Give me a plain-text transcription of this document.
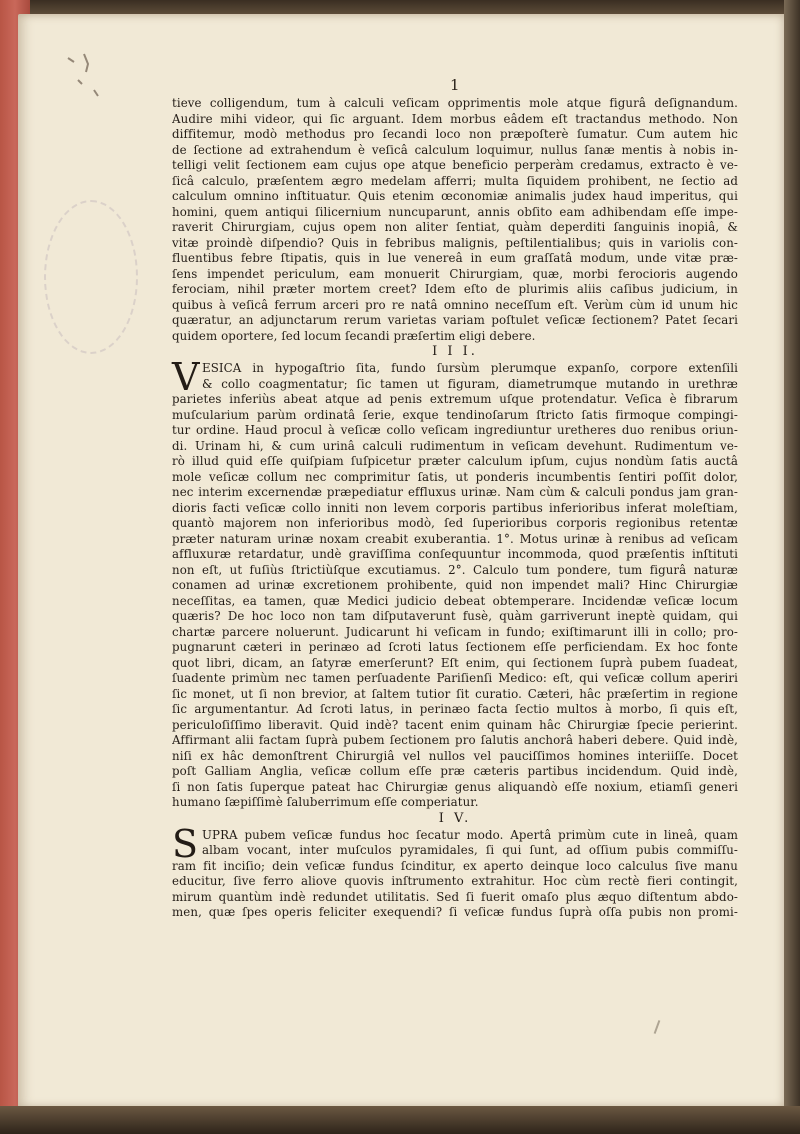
1
tieve colligendum, tum à calculi veſicam opprimentis mole atque figurâ deſignandum.
Audire mihi videor, qui ſic arguant. Idem morbus eâdem eſt tractandus methodo. Non
diffitemur, modò methodus pro ſecandi loco non præpoſterè ſumatur. Cum autem hic
de ſectione ad extrahendum è veſicâ calculum loquimur, nullus ſanæ mentis à nobis in-
telligi velit ſectionem eam cujus ope atque beneficio perperàm credamus, extracto è ve-
ſicâ calculo, præſentem ægro medelam afferri; multa ſiquidem prohibent, ne ſectio ad
calculum omnino inſtituatur. Quis etenim œconomiæ animalis judex haud imperitus, qui
homini, quem antiqui ſilicernium nuncuparunt, annis obſito eam adhibendam eſſe impe-
raverit Chirurgiam, cujus opem non aliter ſentiat, quàm deperditi ſanguinis inopiâ, &
vitæ proindè diſpendio? Quis in febribus malignis, peſtilentialibus; quis in variolis con-
fluentibus febre ſtipatis, quis in lue venereâ in eum graſſatâ modum, unde vitæ præ-
ſens impendet periculum, eam monuerit Chirurgiam, quæ, morbi ferocioris augendo
ferociam, nihil præter mortem creet? Idem eſto de plurimis aliis caſibus judicium, in
quibus à veſicâ ferrum arceri pro re natâ omnino neceſſum eſt. Verùm cùm id unum hic
quæratur, an adjunctarum rerum varietas variam poſtulet veſicæ ſectionem? Patet ſecari
quidem oportere, ſed locum ſecandi præſertim eligi debere.
I I I.
V ESICA in hypogaſtrio ſita, fundo ſursùm plerumque expanſo, corpore extenſili
& collo coagmentatur; ſic tamen ut figuram, diametrumque mutando in urethræ
parietes inferiùs abeat atque ad penis extremum uſque protendatur. Veſica è fibrarum
muſcularium parùm ordinatâ ſerie, exque tendinoſarum ſtricto ſatis firmoque compingi-
tur ordine. Haud procul à veſicæ collo veſicam ingrediuntur uretheres duo renibus oriun-
di. Urinam hi, & cum urinâ calculi rudimentum in veſicam devehunt. Rudimentum ve-
rò illud quid eſſe quiſpiam ſuſpicetur præter calculum ipſum, cujus nondùm ſatis auctâ
mole veſicæ collum nec comprimitur ſatis, ut ponderis incumbentis ſentiri poſſit dolor,
nec interim excernendæ præpediatur effluxus urinæ. Nam cùm & calculi pondus jam gran-
dioris facti veſicæ collo inniti non levem corporis partibus inferioribus inferat moleſtiam,
quantò majorem non inferioribus modò, ſed ſuperioribus corporis regionibus retentæ
præter naturam urinæ noxam creabit exuberantia. 1°. Motus urinæ à renibus ad veſicam
affluxuræ retardatur, undè graviſſima conſequuntur incommoda, quod præſentis inſtituti
non eſt, ut fuſiùs ſtrictiùſque excutiamus. 2°. Calculo tum pondere, tum figurâ naturæ
conamen ad urinæ excretionem prohibente, quid non impendet mali? Hinc Chirurgiæ
neceſſitas, ea tamen, quæ Medici judicio debeat obtemperare. Incidendæ veſicæ locum
quæris? De hoc loco non tam diſputaverunt fusè, quàm garriverunt ineptè quidam, qui
chartæ parcere noluerunt. Judicarunt hi veſicam in fundo; exiſtimarunt illi in collo; pro-
pugnarunt cæteri in perinæo ad ſcroti latus ſectionem eſſe perficiendam. Ex hoc fonte
quot libri, dicam, an ſatyræ emerſerunt? Eſt enim, qui ſectionem ſuprà pubem ſuadeat,
ſuadente primùm nec tamen perſuadente Pariſienſi Medico: eſt, qui veſicæ collum aperiri
ſic monet, ut ſi non brevior, at ſaltem tutior ſit curatio. Cæteri, hâc præſertim in regione
ſic argumentantur. Ad ſcroti latus, in perinæo facta ſectio multos à morbo, ſi quis eſt,
periculoſiſſimo liberavit. Quid indè? tacent enim quinam hâc Chirurgiæ ſpecie perierint.
Affirmant alii factam ſuprà pubem ſectionem pro ſalutis anchorâ haberi debere. Quid indè,
niſi ex hâc demonſtrent Chirurgiâ vel nullos vel pauciſſimos homines interiiſſe. Docet
poſt Galliam Anglia, veſicæ collum eſſe præ cæteris partibus incidendum. Quid indè,
ſi non ſatis ſuperque pateat hac Chirurgiæ genus aliquandò eſſe noxium, etiamſi generi
humano ſæpiſſimè ſaluberrimum eſſe comperiatur.
I V.
S UPRA pubem veſicæ fundus hoc ſecatur modo. Apertâ primùm cute in lineâ, quam
albam vocant, inter muſculos pyramidales, ſi qui ſunt, ad oſſium pubis commiſſu-
ram fit inciſio; dein veſicæ fundus ſcinditur, ex aperto deinque loco calculus ſive manu
educitur, ſive ferro aliove quovis inſtrumento extrahitur. Hoc cùm rectè fieri contingit,
mirum quantùm indè redundet utilitatis. Sed ſi fuerit omaſo plus æquo diſtentum abdo-
men, quæ ſpes operis feliciter exequendi? ſi veſicæ fundus ſuprà oſſa pubis non promi-
